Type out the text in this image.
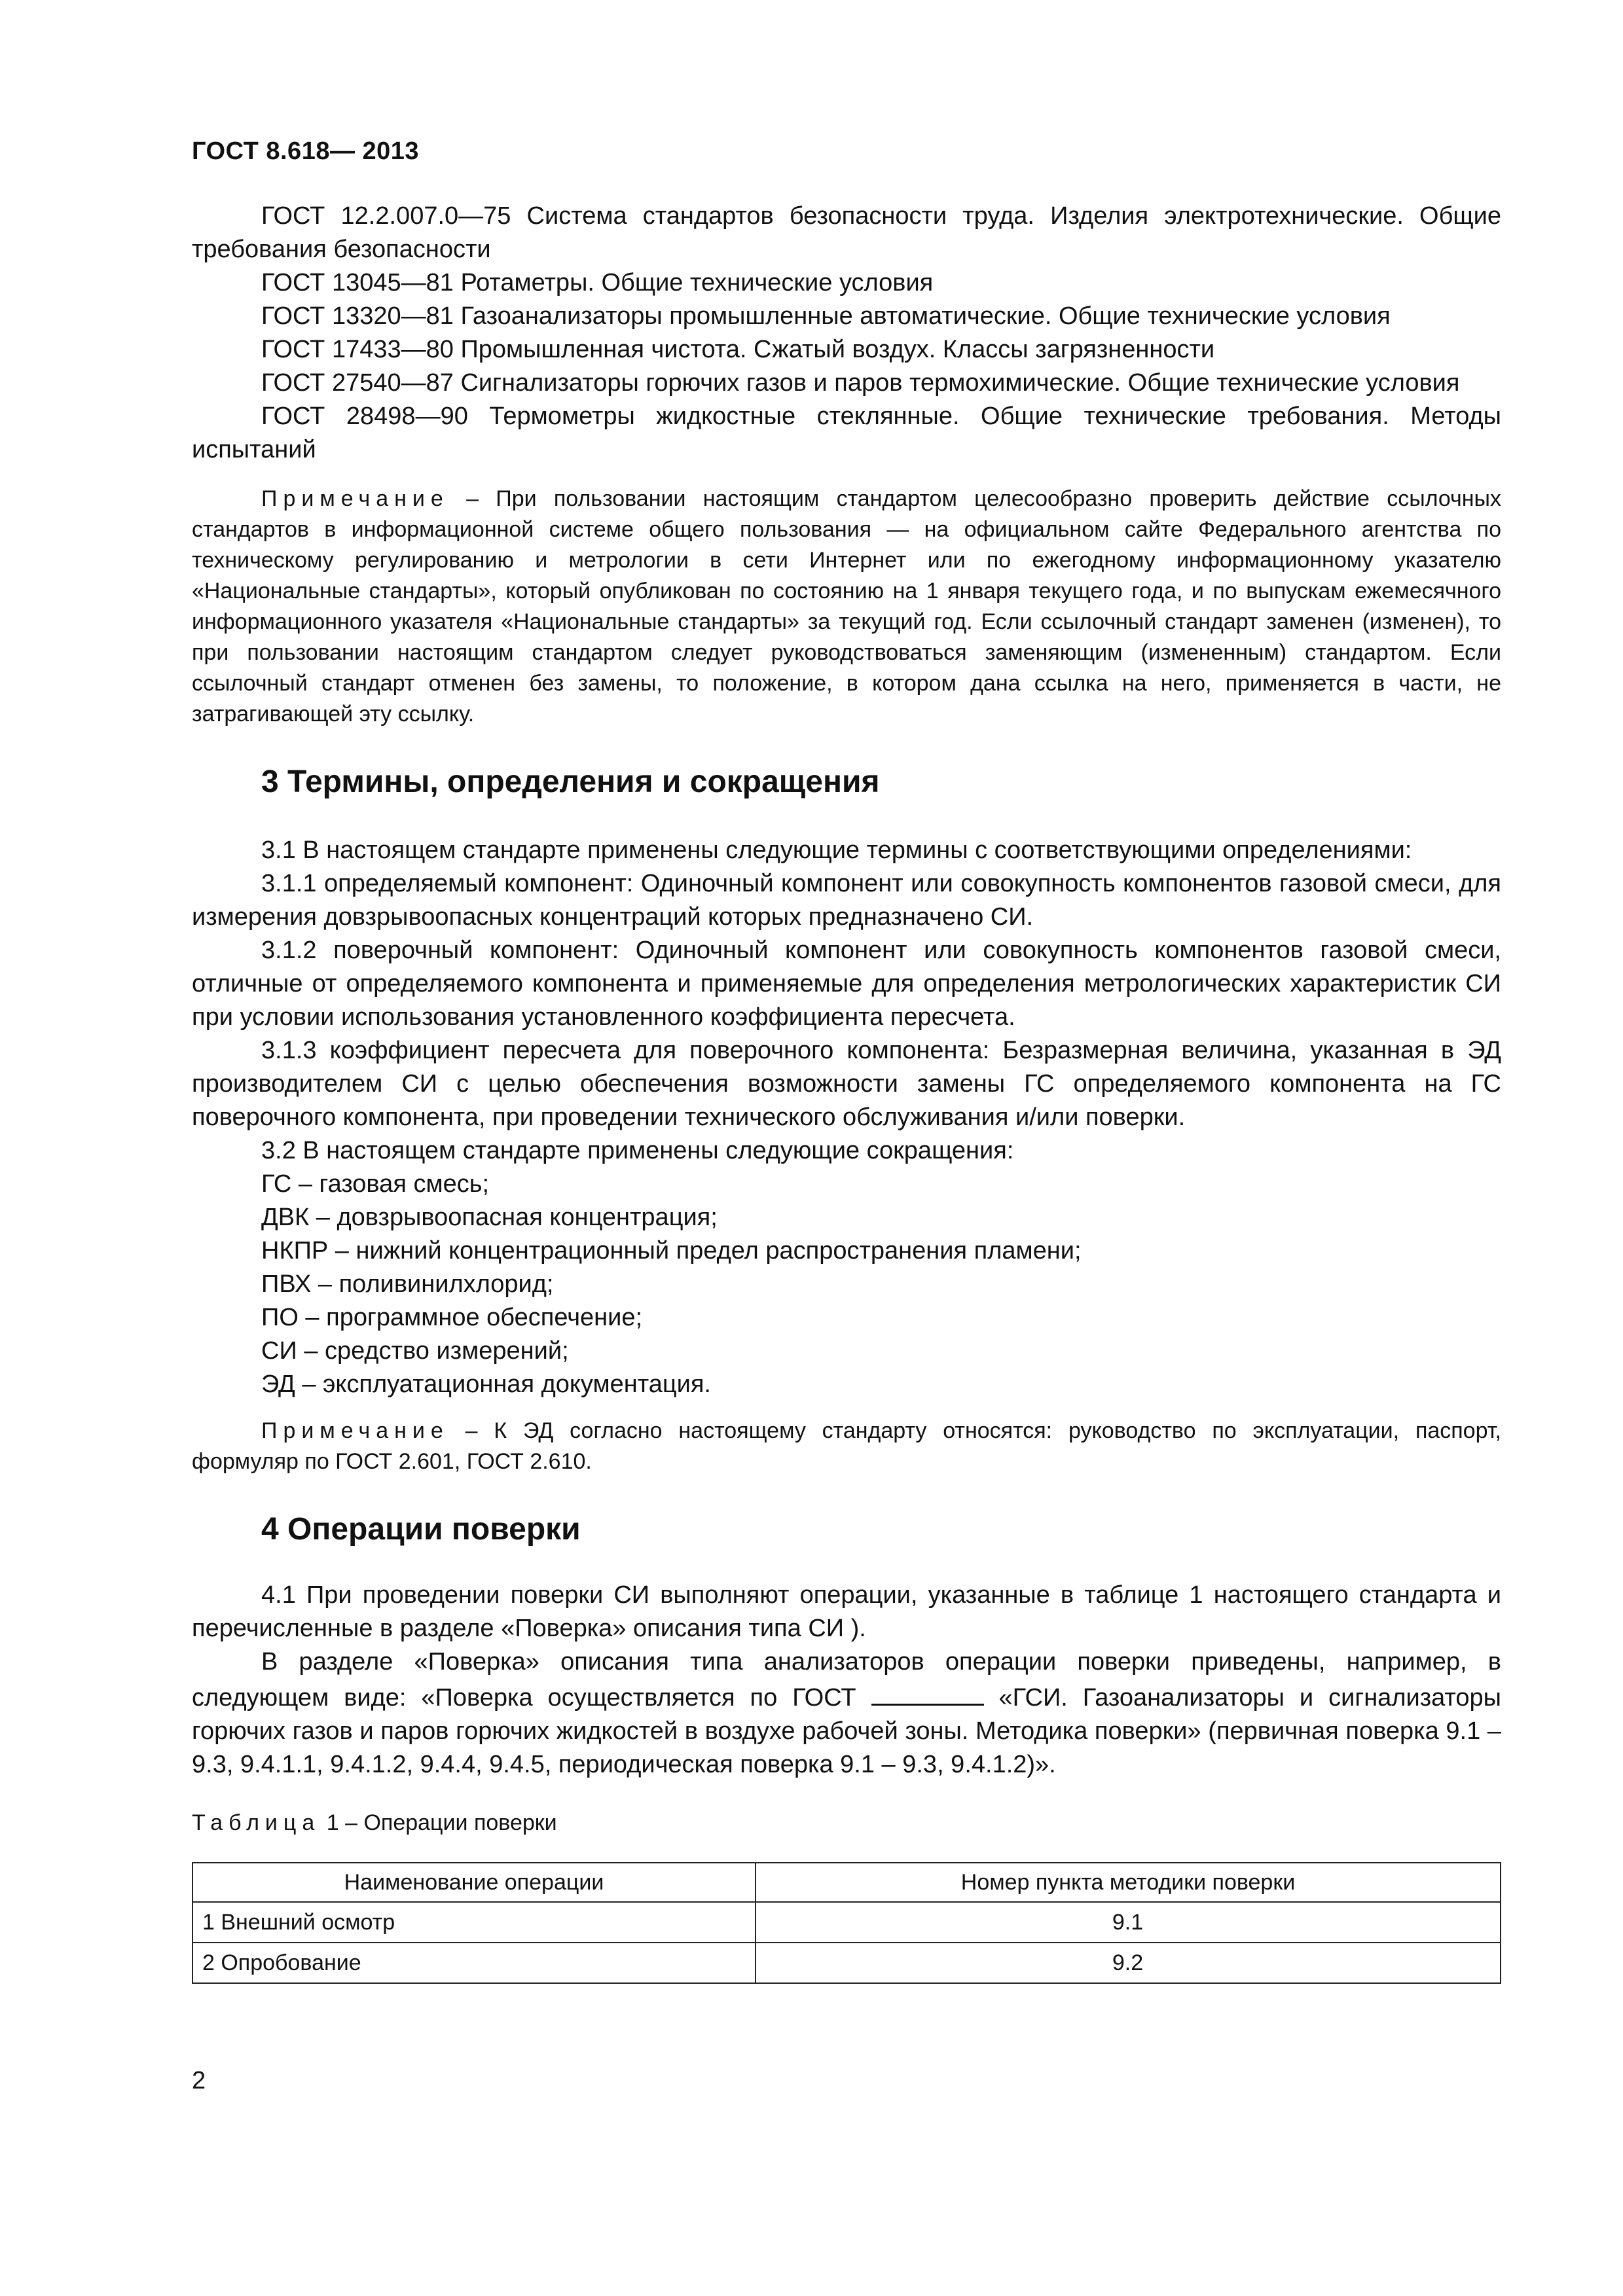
ГОСТ 8.618— 2013

ГОСТ 12.2.007.0—75 Система стандартов безопасности труда. Изделия электротехнические. Общие требования безопасности

ГОСТ 13045—81 Ротаметры. Общие технические условия

ГОСТ 13320—81 Газоанализаторы промышленные автоматические. Общие технические условия

ГОСТ 17433—80 Промышленная чистота. Сжатый воздух. Классы загрязненности

ГОСТ 27540—87 Сигнализаторы горючих газов и паров термохимические. Общие технические условия

ГОСТ 28498—90 Термометры жидкостные стеклянные. Общие технические требования. Методы испытаний

Примечание – При пользовании настоящим стандартом целесообразно проверить действие ссылочных стандартов в информационной системе общего пользования — на официальном сайте Федерального агентства по техническому регулированию и метрологии в сети Интернет или по ежегодному информационному указателю «Национальные стандарты», который опубликован по состоянию на 1 января текущего года, и по выпускам ежемесячного информационного указателя «Национальные стандарты» за текущий год. Если ссылочный стандарт заменен (изменен), то при пользовании настоящим стандартом следует руководствоваться заменяющим (измененным) стандартом. Если ссылочный стандарт отменен без замены, то положение, в котором дана ссылка на него, применяется в части, не затрагивающей эту ссылку.

3 Термины, определения и сокращения

3.1 В настоящем стандарте применены следующие термины с соответствующими определениями:

3.1.1 определяемый компонент: Одиночный компонент или совокупность компонентов газовой смеси, для измерения довзрывоопасных концентраций которых предназначено СИ.

3.1.2 поверочный компонент: Одиночный компонент или совокупность компонентов газовой смеси, отличные от определяемого компонента и применяемые для определения метрологических характеристик СИ при условии использования установленного коэффициента пересчета.

3.1.3 коэффициент пересчета для поверочного компонента: Безразмерная величина, указанная в ЭД производителем СИ с целью обеспечения возможности замены ГС определяемого компонента на ГС поверочного компонента, при проведении технического обслуживания и/или поверки.

3.2 В настоящем стандарте применены следующие сокращения:

ГС – газовая смесь;

ДВК – довзрывоопасная концентрация;

НКПР – нижний концентрационный предел распространения пламени;

ПВХ – поливинилхлорид;

ПО – программное обеспечение;

СИ – средство измерений;

ЭД – эксплуатационная документация.

Примечание – К ЭД согласно настоящему стандарту относятся: руководство по эксплуатации, паспорт, формуляр по ГОСТ 2.601, ГОСТ 2.610.

4 Операции поверки

4.1 При проведении поверки СИ выполняют операции, указанные в таблице 1 настоящего стандарта и перечисленные в разделе «Поверка» описания типа СИ ).

В разделе «Поверка» описания типа анализаторов операции поверки приведены, например, в следующем виде: «Поверка осуществляется по ГОСТ	«ГСИ. Газоанализаторы и сигнализаторы горючих газов и паров горючих жидкостей в воздухе рабочей зоны. Методика поверки» (первичная поверка 9.1 – 9.3, 9.4.1.1, 9.4.1.2, 9.4.4, 9.4.5, периодическая поверка 9.1 – 9.3, 9.4.1.2)».

Таблица 1 – Операции поверки
Наименование операции	Номер пункта методики поверки
1 Внешний осмотр	9.1
2 Опробование	9.2
2
